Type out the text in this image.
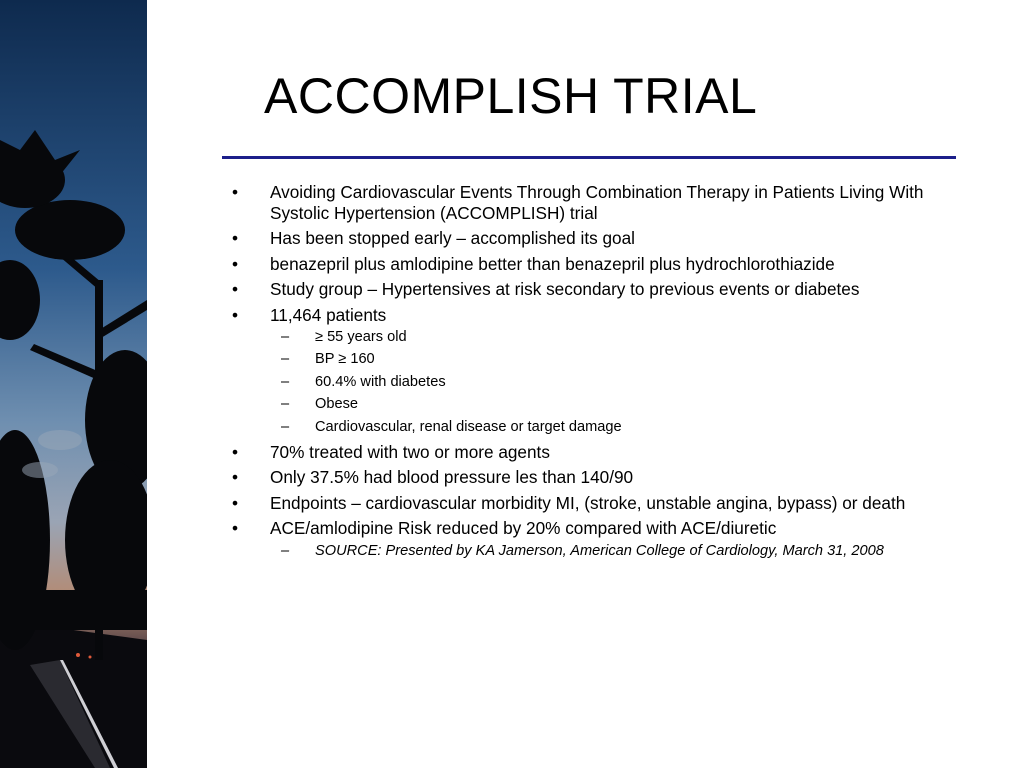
ACCOMPLISH TRIAL
• Avoiding Cardiovascular Events Through Combination Therapy in Patients Living With Systolic Hypertension (ACCOMPLISH) trial
• Has been stopped early – accomplished its goal
• benazepril plus amlodipine better than benazepril plus hydrochlorothiazide
• Study group – Hypertensives at risk secondary to previous events or diabetes
• 11,464 patients
– ≥ 55 years old
– BP ≥ 160
– 60.4% with diabetes
– Obese
– Cardiovascular, renal disease or target damage
• 70% treated with two or more agents
• Only 37.5% had blood pressure les than 140/90
• Endpoints – cardiovascular morbidity MI, (stroke, unstable angina, bypass) or death
• ACE/amlodipine Risk reduced by 20% compared with ACE/diuretic
– SOURCE: Presented by KA Jamerson, American College of Cardiology, March 31, 2008
